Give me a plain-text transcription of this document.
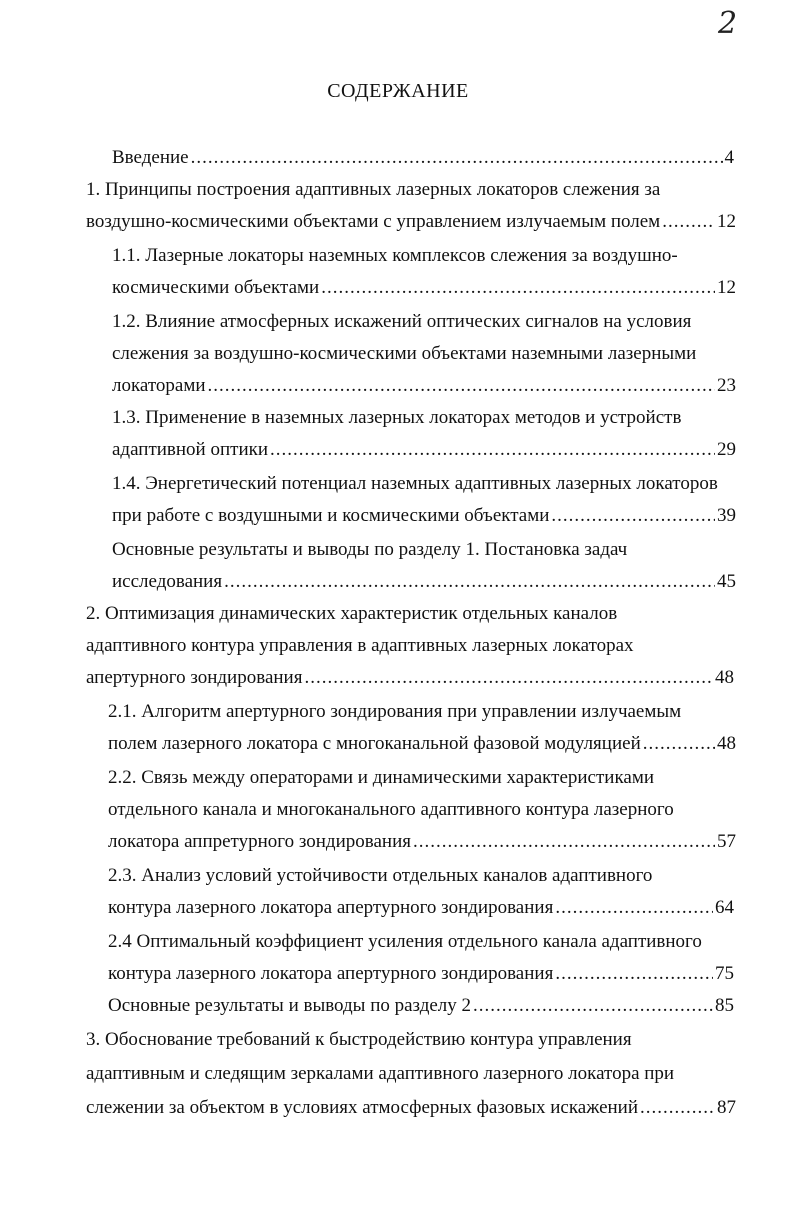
2
СОДЕРЖАНИЕ
Введение .....	4
1. Принципы построения адаптивных лазерных локаторов слежения за
воздушно-космическими объектами с управлением излучаемым полем .....	12
1.1. Лазерные локаторы наземных комплексов слежения за воздушно-
космическими объектами .....	12
1.2. Влияние атмосферных искажений оптических сигналов на условия
слежения за воздушно-космическими объектами наземными лазерными
локаторами .....	23
1.3. Применение в наземных лазерных локаторах методов и устройств
адаптивной оптики .....	29
1.4. Энергетический потенциал наземных адаптивных лазерных локаторов
при работе с воздушными и космическими объектами .....	39
Основные результаты и выводы по разделу 1. Постановка задач
исследования .....	45
2. Оптимизация динамических характеристик отдельных каналов
адаптивного контура управления в адаптивных лазерных локаторах
апертурного зондирования .....	48
2.1. Алгоритм апертурного зондирования при управлении излучаемым
полем лазерного локатора с многоканальной фазовой модуляцией .....	48
2.2. Связь между операторами и динамическими характеристиками
отдельного канала и многоканального адаптивного контура лазерного
локатора аппретурного зондирования .....	57
2.3. Анализ условий устойчивости отдельных каналов адаптивного
контура лазерного локатора апертурного зондирования .....	64
2.4 Оптимальный коэффициент усиления отдельного канала адаптивного
контура лазерного локатора апертурного зондирования .....	75
Основные результаты и выводы по разделу 2 .....	85
3. Обоснование требований к быстродействию контура управления
адаптивным и следящим зеркалами адаптивного лазерного локатора при
слежении за объектом в условиях атмосферных фазовых искажений .....	87
